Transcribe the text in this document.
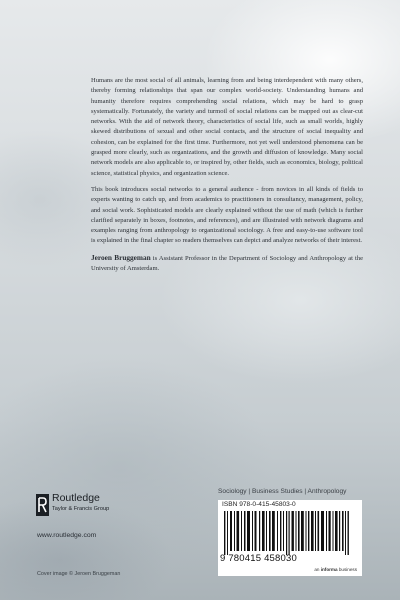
Humans are the most social of all animals, learning from and being interdependent with many others, thereby forming relationships that span our complex world-society. Understanding humans and humanity therefore requires comprehending social relations, which may be hard to grasp systematically. Fortunately, the variety and turmoil of social relations can be mapped out as clear-cut networks. With the aid of network theory, characteristics of social life, such as small worlds, highly skewed distributions of sexual and other social contacts, and the structure of social inequality and cohesion, can be explained for the first time. Furthermore, not yet well understood phenomena can be grasped more clearly, such as organizations, and the growth and diffusion of knowledge. Many social network models are also applicable to, or inspired by, other fields, such as economics, biology, political science, statistical physics, and organization science.

This book introduces social networks to a general audience - from novices in all kinds of fields to experts wanting to catch up, and from academics to practitioners in consultancy, management, policy, and social work. Sophisticated models are clearly explained without the use of math (which is further clarified separately in boxes, footnotes, and references), and are illustrated with network diagrams and examples ranging from anthropology to organizational sociology. A free and easy-to-use software tool is explained in the final chapter so readers themselves can depict and analyze networks of their interest.

Jeroen Bruggeman is Assistant Professor in the Department of Sociology and Anthropology at the University of Amsterdam.

Sociology | Business Studies | Anthropology
ISBN 978-0-415-45803-0
9 780415 458030
an informa business
Routledge
Taylor & Francis Group
www.routledge.com
Cover image © Jeroen Bruggeman
